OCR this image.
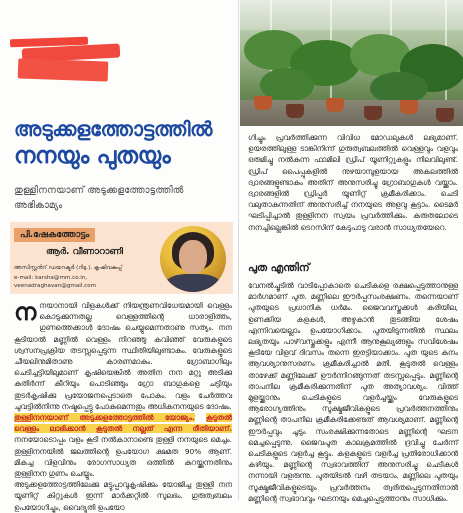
അടുക്കളത്തോട്ടത്തിൽ
നനയും പുതയും
തുള്ളിനനയാണ് അടുക്കളത്തോട്ടത്തിൽ അഭികാമ്യം
പി.ഷേകത്തോട്ടം
ആർ. വീണാറാണി
അസിസ്റ്റൻറ് ഡയറക്ടർ (റിട്ട.), കൃഷിവകുപ്പ്
e-mail: karsha@mm.co.in, veenadraghavan@gmail.com

നനയാനായി വിളകൾക്ക് നിയന്ത്രണവിധേയമായി വെള്ളം കൊടുക്കുന്നതല്ല വെള്ളത്തിന്റെ ധാരാളിത്തം, ഗുണത്തെക്കാൾ ദോഷം ചെയ്യുമെന്നതാണു സത്യം. നന കൂടിയാൽ മണ്ണിൽ വെള്ളം നിറഞ്ഞു കവിഞ്ഞ് വേരുകളുടെ ശ്വസനപ്രക്രിയ തടസ്സപ്പെടുന്ന സ്ഥിതിയിലുണ്ടാകും. വേരുകളുടെ ചീയലിനുമിതാണു കാരണമാകും. ഗ്രോബാഗിലും ചെടിച്ചട്ടിയിലുമാണ് കൃഷിയെങ്കിൽ അതിന നന മറ്റു അടിക്കു കുതിർന്ന് കീറിയും പൊടിഞ്ഞും ഗ്രോ ബാഗുകളെ ചട്ടിയും തുടർകൃഷിക്കു പ്രയോജനപ്പെടാതെ പോകും. വളം ചേർത്തവ ചുവട്ടിൽനിന്നു നഷ്ടപ്പെട്ടു പോകുമെന്നതും അധികനനയുടെ ദോഷം.

തുള്ളിനനയാണ് അടുക്കളത്തോട്ടത്തിൽ യോജ്യം. കൂടുതൽ വെള്ളം ലാഭിക്കാൻ കൂടുതൽ നല്ലത് എന്ന രീതിയാണ്. നനയോടൊപ്പം വളം കൂടി നൽകാനാണ്ടെ തുള്ളി നനയുടെ മെച്ചം. തുള്ളിനനയിൽ ജലത്തിന്റെ ഉപയോഗ ക്ഷമത 90% ആണ്. മികച്ച വിളവിനും രോഗസാധ്യത ഒത്തിൽ കുറയ്ക്കുന്നതിനും തുള്ളിനന ഗുണം ചെയ്യും.

അടുക്കളത്തോട്ടത്തിലേക്കു മട്ടുപ്പാവുകൃഷിക്കും യോജിച്ച തുള്ളി നന യൂണിറ്റ് കിറ്റുകൾ ഇന്ന് മാർക്കറ്റിൽ സുലഭം. ഗുരുത്വബലം ഉപയോഗിച്ചും, വൈദ്യുതി ഉപയോ

ഗിച്ചും പ്രവർത്തിക്കുന്ന വിവിധ മോഡലുകൾ ലഭ്യമാണ്. ഉയരത്തിലുള്ള ടാങ്കിനിന്ന് ഗുരുത്വബലത്തിൽ വെള്ളവും വളവും ഒരുമിച്ചു നൽകുന്ന ഫാമിലി ഡ്രിപ് യൂണിറ്റുകളും നിലവിലുണ്ട്. ഡ്രിപ് പൈപ്പുകളിൽ നുഴയാമ്പുളയായ അകലത്തിൽ ദ്വാരങ്ങളുണ്ടാകും അതിന് അനുസരിച്ചു ഗ്രോബാഗുകൾ വയ്ക്കാം. ദ്വാരങ്ങളിൽ ഡ്രിപ്പർ യൂണിറ്റ് ക്രമീകരിക്കാം. ചെടി വലുതാകുന്നതിന് അനുസരിച്ച് നനയുടെ അളവു കൂട്ടാം. ടൈമർ ഘടിപ്പിച്ചാൽ തുള്ളിനന സ്വയം പ്രവർത്തിക്കും. കരുതലോടെ നനച്ചില്ലെങ്കിൽ ടെറസിന് കേടുപാടു വരാൻ സാധ്യതയേറെ.

പുത എന്തിന്

വേനൽച്ചൂടിൽ വാടിപ്പോകാതെ ചെടികളെ രക്ഷപ്പെടുത്താനുള്ള മാർഗമാണ് പുത. മണ്ണിലെ ഈർപ്പസംരക്ഷണം. തന്നെയാണ് പുതയുടെ പ്രധാനിക ധർമം. ജൈവവസ്തുക്കൾ കരിയില, ഉണക്കിയ കളകൾ, അഴുകാൻ തുടങ്ങിയ ശേഷം എന്നിവയെല്ലാം ഉപയോഗിക്കാം. പുതയിടുന്നതിൽ സ്ഥലം ലഭ്യതയും പാഴ്‌വസ്തുക്കളും എന്നീ ആനുകൂല്യങ്ങളും സവിശേഷം കൂടിയേ വിളവ് ദിവസം തന്നെ ഇരട്ടിയാക്കാം. പുത യുടെ കനം ആവശ്യാനുസരണം ക്രമീകരിച്ചാൽ മതി. കൂടുതൽ വെള്ളം താഴേക്ക് മണ്ണിലേക്ക് ഊർന്നിറങ്ങുന്നത് തടസ്സപ്പെടും. മണ്ണിന്റെ താപനില ക്രമീകരിക്കുന്നതിന് പുത അത്യാവശ്യം. വിത്ത് മുളയ്ക്കാനും ചെടികളുടെ വളർച്ചയ്ക്കും വേരുകളുടെ ആരോഗ്യത്തിനും സൂക്ഷ്മജീവികളുടെ പ്രവർത്തനത്തിനും മണ്ണിന്റെ താപനില ക്രമീകരിക്കേണ്ടത് ആവശ്യമാണ്. മണ്ണിന്റെ ഈർപ്പവും ചൂടും സംരക്ഷിക്കുന്നതോടെ മണ്ണിന്റെ ഘടന മെച്ചപ്പെടുന്നു. ജൈവപുത കാലക്രമത്തിൽ ദ്രവിച്ചു ചേർന്ന് ചെടികളുടെ വളർച്ച കൂട്ടും. കളകളുടെ വളർച്ച പ്രതിരോധിക്കാൻ കഴിയും. മണ്ണിന്റെ സ്വഭാവത്തിന് അനുസരിച്ചു ചെടികൾ നന്നായി വളരുന്നു. പുതയിടൽ വഴി തടയാം. മണ്ണിലെ പുതയും സൂക്ഷ്മജീവികളുടെയും പ്രവർത്തനം ത്വരിതപ്പെടുന്നതിനാൽ മണ്ണിന്റെ സ്വഭാവവും ഘടനയും മെച്ചപ്പെടുത്താനും സാധിക്കും.
